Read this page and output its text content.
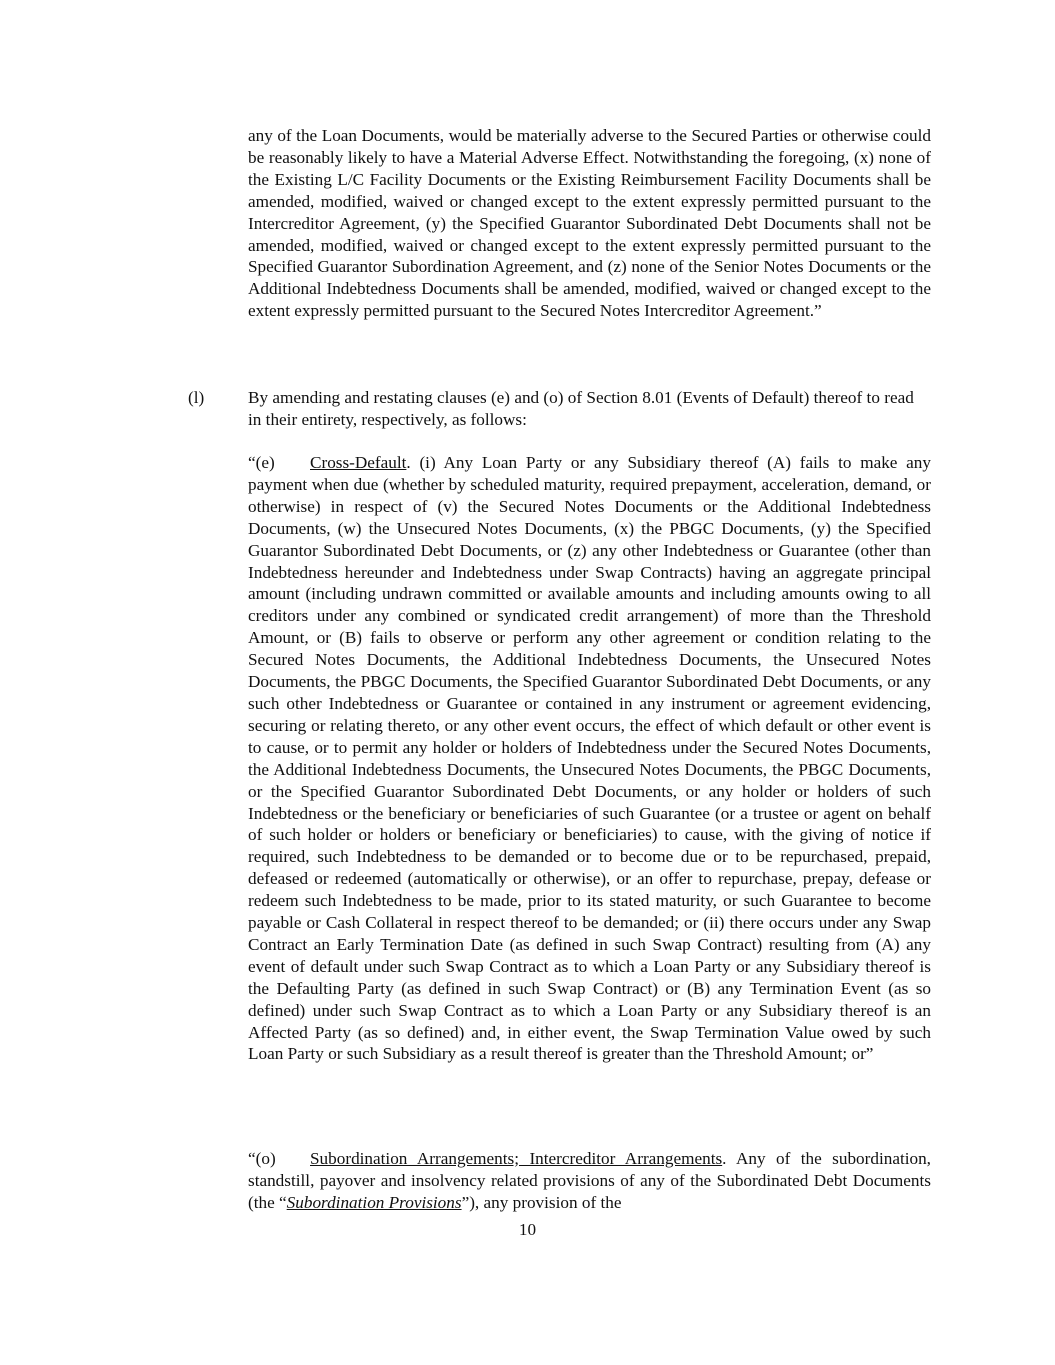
any of the Loan Documents, would be materially adverse to the Secured Parties or otherwise could be reasonably likely to have a Material Adverse Effect. Notwithstanding the foregoing, (x) none of the Existing L/C Facility Documents or the Existing Reimbursement Facility Documents shall be amended, modified, waived or changed except to the extent expressly permitted pursuant to the Intercreditor Agreement, (y) the Specified Guarantor Subordinated Debt Documents shall not be amended, modified, waived or changed except to the extent expressly permitted pursuant to the Specified Guarantor Subordination Agreement, and (z) none of the Senior Notes Documents or the Additional Indebtedness Documents shall be amended, modified, waived or changed except to the extent expressly permitted pursuant to the Secured Notes Intercreditor Agreement.”

(l)	By amending and restating clauses (e) and (o) of Section 8.01 (Events of Default) thereof to read in their entirety, respectively, as follows:

“(e) Cross-Default. (i) Any Loan Party or any Subsidiary thereof (A) fails to make any payment when due (whether by scheduled maturity, required prepayment, acceleration, demand, or otherwise) in respect of (v) the Secured Notes Documents or the Additional Indebtedness Documents, (w) the Unsecured Notes Documents, (x) the PBGC Documents, (y) the Specified Guarantor Subordinated Debt Documents, or (z) any other Indebtedness or Guarantee (other than Indebtedness hereunder and Indebtedness under Swap Contracts) having an aggregate principal amount (including undrawn committed or available amounts and including amounts owing to all creditors under any combined or syndicated credit arrangement) of more than the Threshold Amount, or (B) fails to observe or perform any other agreement or condition relating to the Secured Notes Documents, the Additional Indebtedness Documents, the Unsecured Notes Documents, the PBGC Documents, the Specified Guarantor Subordinated Debt Documents, or any such other Indebtedness or Guarantee or contained in any instrument or agreement evidencing, securing or relating thereto, or any other event occurs, the effect of which default or other event is to cause, or to permit any holder or holders of Indebtedness under the Secured Notes Documents, the Additional Indebtedness Documents, the Unsecured Notes Documents, the PBGC Documents, or the Specified Guarantor Subordinated Debt Documents, or any holder or holders of such Indebtedness or the beneficiary or beneficiaries of such Guarantee (or a trustee or agent on behalf of such holder or holders or beneficiary or beneficiaries) to cause, with the giving of notice if required, such Indebtedness to be demanded or to become due or to be repurchased, prepaid, defeased or redeemed (automatically or otherwise), or an offer to repurchase, prepay, defease or redeem such Indebtedness to be made, prior to its stated maturity, or such Guarantee to become payable or Cash Collateral in respect thereof to be demanded; or (ii) there occurs under any Swap Contract an Early Termination Date (as defined in such Swap Contract) resulting from (A) any event of default under such Swap Contract as to which a Loan Party or any Subsidiary thereof is the Defaulting Party (as defined in such Swap Contract) or (B) any Termination Event (as so defined) under such Swap Contract as to which a Loan Party or any Subsidiary thereof is an Affected Party (as so defined) and, in either event, the Swap Termination Value owed by such Loan Party or such Subsidiary as a result thereof is greater than the Threshold Amount; or”

“(o) Subordination Arrangements; Intercreditor Arrangements. Any of the subordination, standstill, payover and insolvency related provisions of any of the Subordinated Debt Documents (the “Subordination Provisions”), any provision of the

10
